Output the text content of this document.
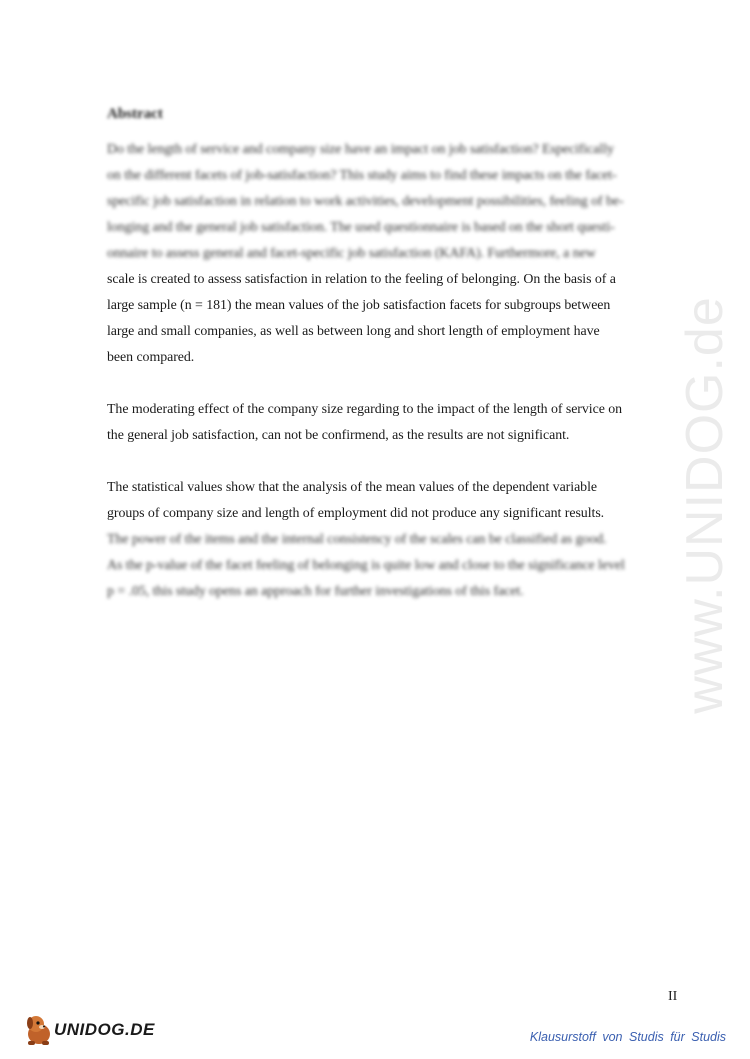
www.UNIDOG.de
Abstract
Do the length of service and company size have an impact on job satisfaction? Especifically
on the different facets of job-satisfaction? This study aims to find these impacts on the facet-
specific job satisfaction in relation to work activities, development possibilities, feeling of be-
longing and the general job satisfaction. The used questionnaire is based on the short questi-
onnaire to assess general and facet-specific job satisfaction (KAFA). Furthermore, a new
scale is created to assess satisfaction in relation to the feeling of belonging. On the basis of a
large sample (n = 181) the mean values of the job satisfaction facets for subgroups between
large and small companies, as well as between long and short length of employment have
been compared.
The moderating effect of the company size regarding to the impact of the length of service on
the general job satisfaction, can not be confirmend, as the results are not significant.
The statistical values show that the analysis of the mean values of the dependent variable
groups of company size and length of employment did not produce any significant results.
The power of the items and the internal consistency of the scales can be classified as good.
As the p-value of the facet feeling of belonging is quite low and close to the significance level
p = .05, this study opens an approach for further investigations of this facet.
II
UNIDOG.DE	Klausurstoff von Studis für Studis
